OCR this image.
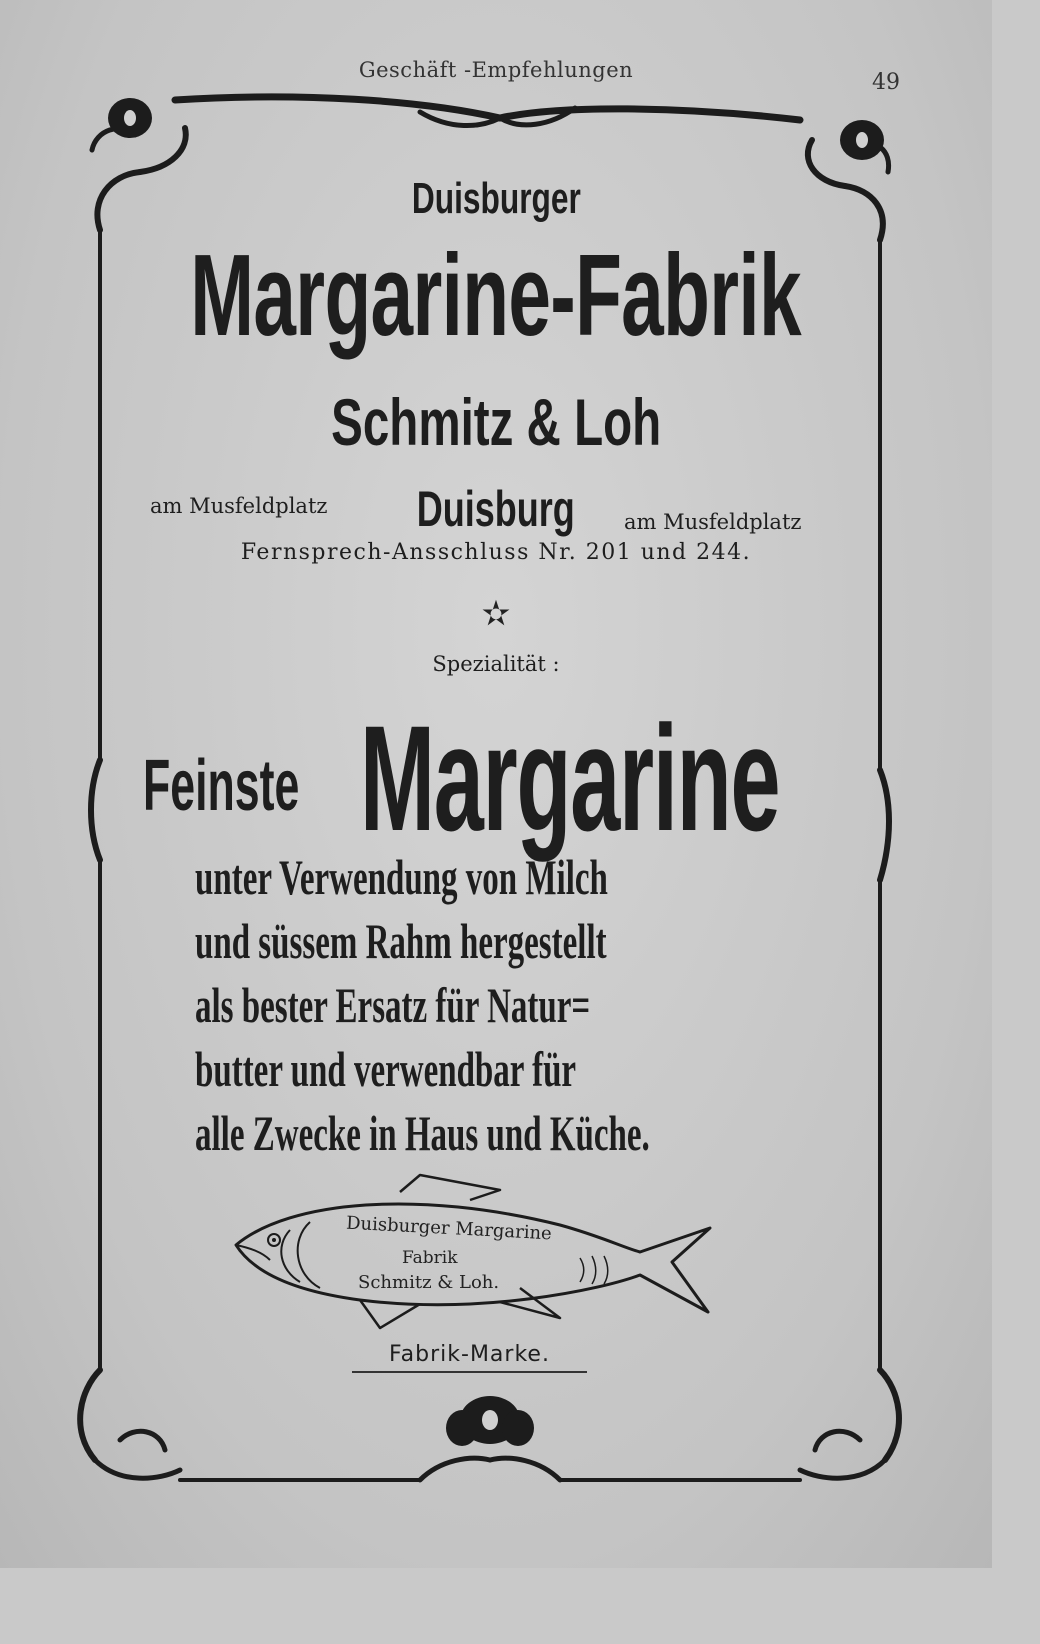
Geschäft -Empfehlungen	49
Duisburger
Margarine-Fabrik
Schmitz & Loh
am Musfeldplatz	Duisburg	am Musfeldplatz
Fernsprech-Ansschluss Nr. 201 und 244.
✫
Spezialität :
Feinste Margarine
unter Verwendung von Milch
und süssem Rahm hergestellt
als bester Ersatz für Natur=
butter und verwendbar für
alle Zwecke in Haus und Küche.
Duisburger Margarine
Fabrik
Schmitz & Loh.
Fabrik-Marke.
